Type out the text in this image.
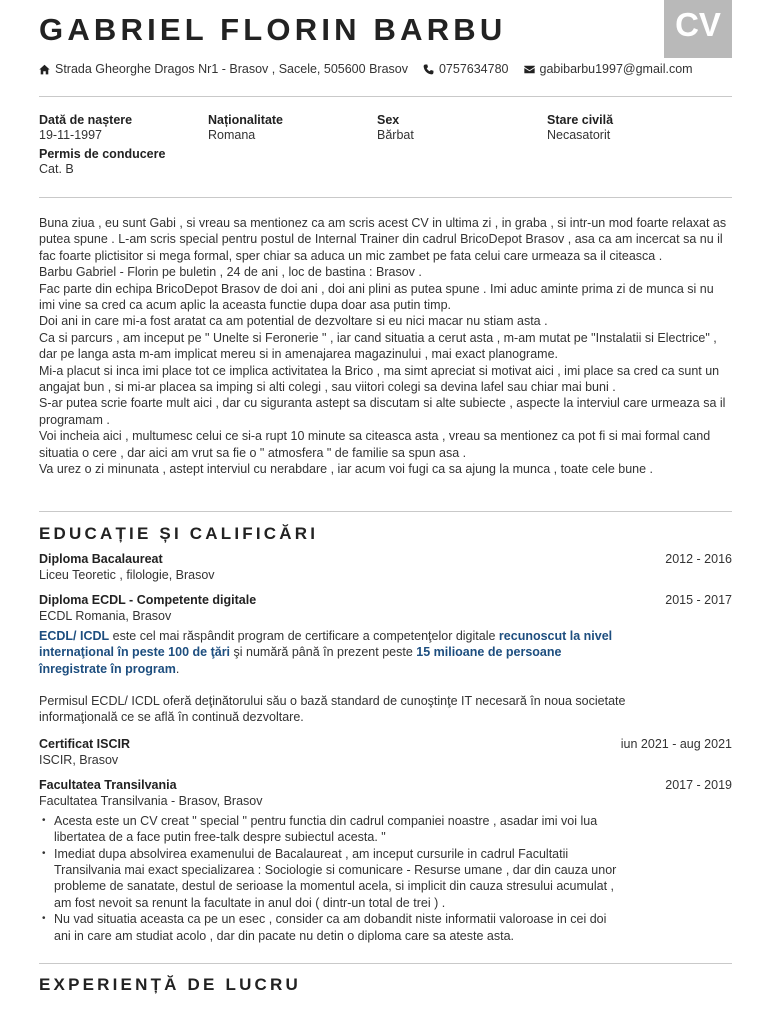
CV
GABRIEL FLORIN BARBU
Strada Gheorghe Dragos Nr1 - Brasov , Sacele, 505600 Brasov 0757634780 gabibarbu1997@gmail.com
Dată de naștere
19-11-1997
Naționalitate
Romana
Sex
Bărbat
Stare civilă
Necasatorit
Permis de conducere
Cat. B

Buna ziua , eu sunt Gabi , si vreau sa mentionez ca am scris acest CV in ultima zi , in graba , si intr-un mod foarte relaxat as putea spune . L-am scris special pentru postul de Internal Trainer din cadrul BricoDepot Brasov , asa ca am incercat sa nu il fac foarte plictisitor si mega formal, sper chiar sa aduca un mic zambet pe fata celui care urmeaza sa il citeasca .

Barbu Gabriel - Florin pe buletin , 24 de ani , loc de bastina : Brasov .

Fac parte din echipa BricoDepot Brasov de doi ani , doi ani plini as putea spune . Imi aduc aminte prima zi de munca si nu imi vine sa cred ca acum aplic la aceasta functie dupa doar asa putin timp.

Doi ani in care mi-a fost aratat ca am potential de dezvoltare si eu nici macar nu stiam asta .

Ca si parcurs , am inceput pe " Unelte si Feronerie " , iar cand situatia a cerut asta , m-am mutat pe "Instalatii si Electrice" , dar pe langa asta m-am implicat mereu si in amenajarea magazinului , mai exact planograme.

Mi-a placut si inca imi place tot ce implica activitatea la Brico , ma simt apreciat si motivat aici , imi place sa cred ca sunt un angajat bun , si mi-ar placea sa imping si alti colegi , sau viitori colegi sa devina lafel sau chiar mai buni .

S-ar putea scrie foarte mult aici , dar cu siguranta astept sa discutam si alte subiecte , aspecte la interviul care urmeaza sa il programam .

Voi incheia aici , multumesc celui ce si-a rupt 10 minute sa citeasca asta , vreau sa mentionez ca pot fi si mai formal cand situatia o cere , dar aici am vrut sa fie o " atmosfera " de familie sa spun asa .

Va urez o zi minunata , astept interviul cu nerabdare , iar acum voi fugi ca sa ajung la munca , toate cele bune .

EDUCAȚIE ȘI CALIFICĂRI
Diploma Bacalaureat	2012 - 2016
Liceu Teoretic , filologie, Brasov
Diploma ECDL - Competente digitale	2015 - 2017
ECDL Romania, Brasov
ECDL/ ICDL este cel mai răspândit program de certificare a competenţelor digitale recunoscut la nivel internaţional în peste 100 de ţări şi numără până în prezent peste 15 milioane de persoane înregistrate în program.
Permisul ECDL/ ICDL oferă deţinătorului său o bază standard de cunoştinţe IT necesară în noua societate informaţională ce se află în continuă dezvoltare.
Certificat ISCIR	iun 2021 - aug 2021
ISCIR, Brasov
Facultatea Transilvania	2017 - 2019
Facultatea Transilvania - Brasov, Brasov
• Acesta este un CV creat " special " pentru functia din cadrul companiei noastre , asadar imi voi lua libertatea de a face putin free-talk despre subiectul acesta. "
• Imediat dupa absolvirea examenului de Bacalaureat , am inceput cursurile in cadrul Facultatii Transilvania mai exact specializarea : Sociologie si comunicare - Resurse umane , dar din cauza unor probleme de sanatate, destul de serioase la momentul acela, si implicit din cauza stresului acumulat , am fost nevoit sa renunt la facultate in anul doi ( dintr-un total de trei ) .
• Nu vad situatia aceasta ca pe un esec , consider ca am dobandit niste informatii valoroase in cei doi ani in care am studiat acolo , dar din pacate nu detin o diploma care sa ateste asta.
EXPERIENȚĂ DE LUCRU
